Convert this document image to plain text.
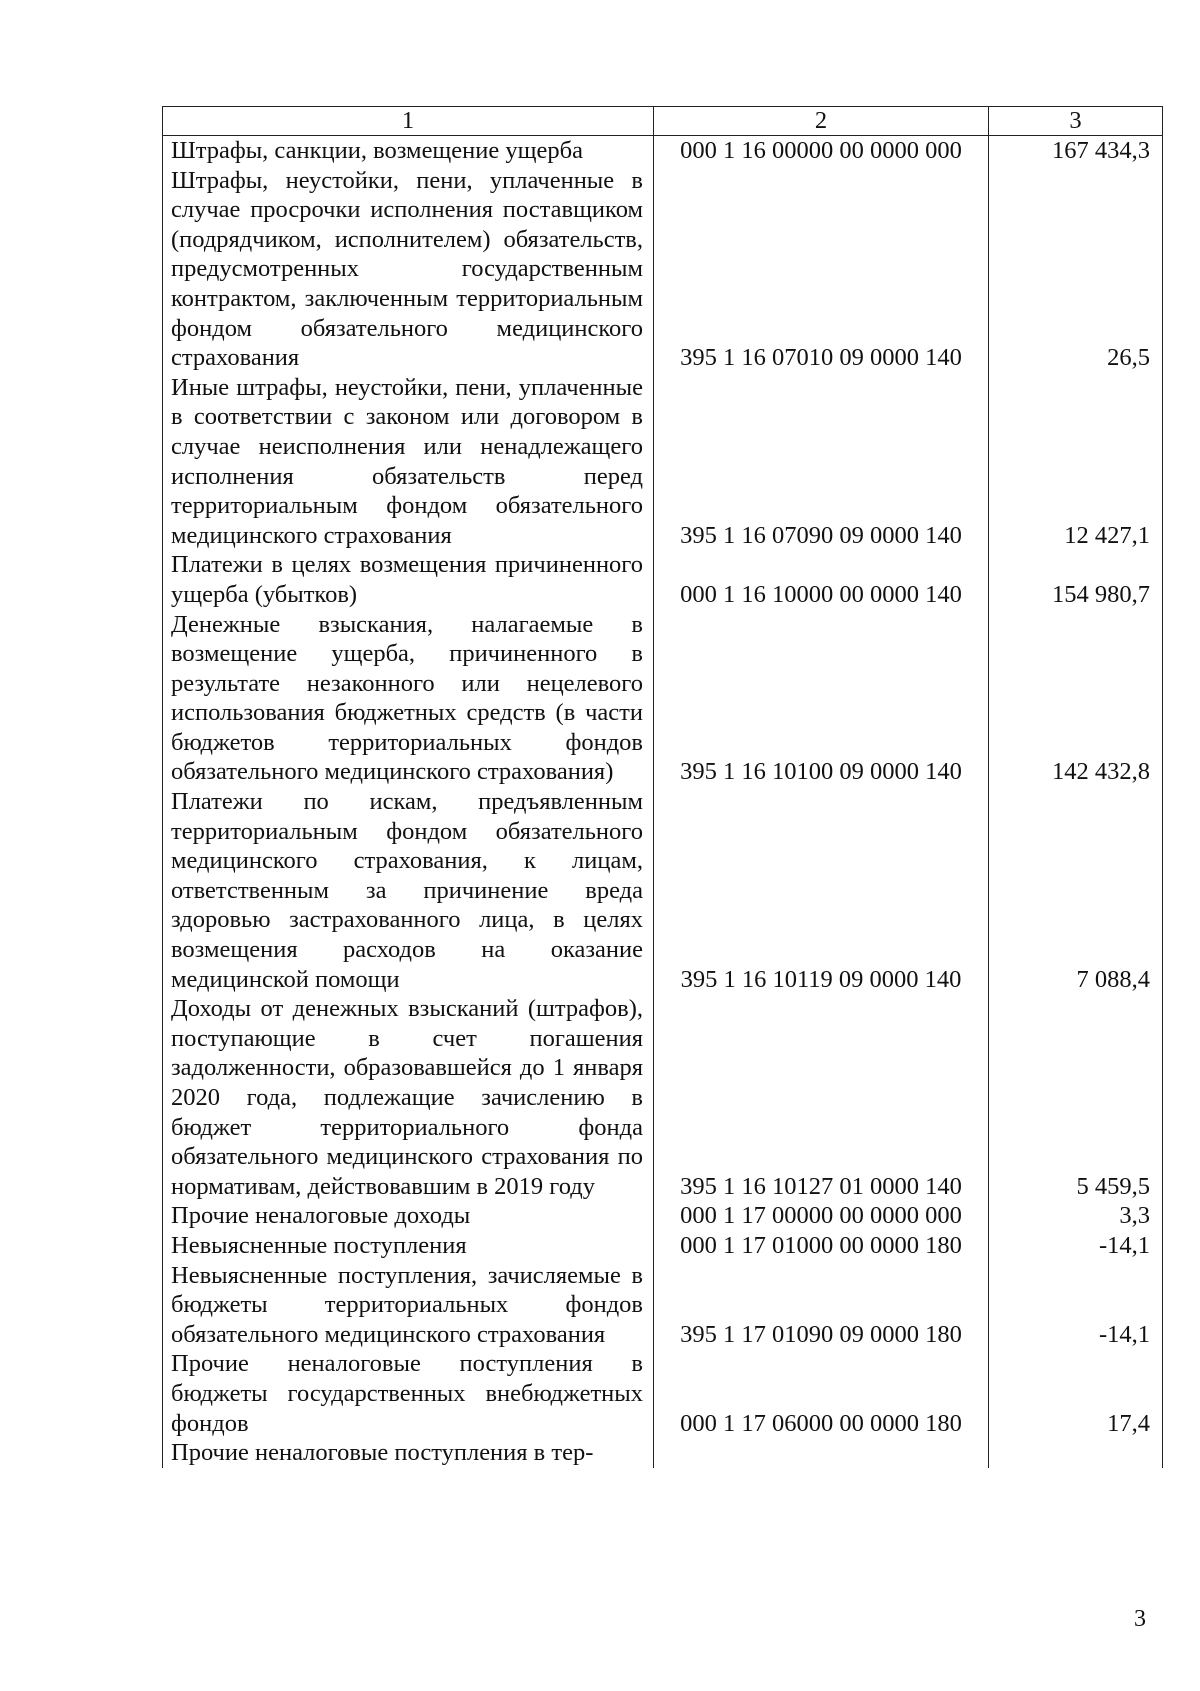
1	2	3
Штрафы, санкции, возмещение ущерба	000 1 16 00000 00 0000 000	167 434,3
Штрафы, неустойки, пени, уплаченные в случае просрочки исполнения поставщиком (подрядчиком, исполнителем) обязательств, предусмотренных государственным контрактом, заключенным территориальным фондом обязательного медицинского страхования	395 1 16 07010 09 0000 140	26,5
Иные штрафы, неустойки, пени, уплаченные в соответствии с законом или договором в случае неисполнения или ненадлежащего исполнения обязательств перед территориальным фондом обязательного медицинского страхования	395 1 16 07090 09 0000 140	12 427,1
Платежи в целях возмещения причиненного ущерба (убытков)	000 1 16 10000 00 0000 140	154 980,7
Денежные взыскания, налагаемые в возмещение ущерба, причиненного в результате незаконного или нецелевого использования бюджетных средств (в части бюджетов территориальных фондов обязательного медицинского страхования)	395 1 16 10100 09 0000 140	142 432,8
Платежи по искам, предъявленным территориальным фондом обязательного медицинского страхования, к лицам, ответственным за причинение вреда здоровью застрахованного лица, в целях возмещения расходов на оказание медицинской помощи	395 1 16 10119 09 0000 140	7 088,4
Доходы от денежных взысканий (штрафов), поступающие в счет погашения задолженности, образовавшейся до 1 января 2020 года, подлежащие зачислению в бюджет территориального фонда обязательного медицинского страхования по нормативам, действовавшим в 2019 году	395 1 16 10127 01 0000 140	5 459,5
Прочие неналоговые доходы	000 1 17 00000 00 0000 000	3,3
Невыясненные поступления	000 1 17 01000 00 0000 180	-14,1
Невыясненные поступления, зачисляемые в бюджеты территориальных фондов обязательного медицинского страхования	395 1 17 01090 09 0000 180	-14,1
Прочие неналоговые поступления в бюджеты государственных внебюджетных фондов	000 1 17 06000 00 0000 180	17,4
Прочие неналоговые поступления в тер-		
3
